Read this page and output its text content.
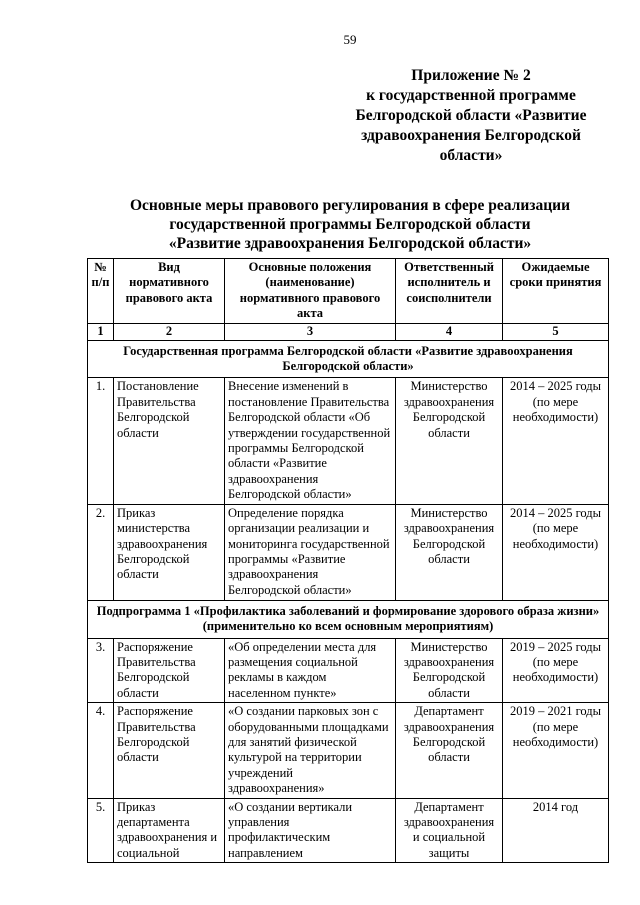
59
Приложение № 2
к государственной программе
Белгородской области «Развитие
здравоохранения Белгородской
области»
Основные меры правового регулирования в сфере реализации
государственной программы Белгородской области
«Развитие здравоохранения Белгородской области»
№ п/п	Вид нормативного правового акта	Основные положения (наименование) нормативного правового акта	Ответственный исполнитель и соисполнители	Ожидаемые сроки принятия
1	2	3	4	5
Государственная программа Белгородской области «Развитие здравоохранения Белгородской области»				
1.	Постановление Правительства Белгородской области	Внесение изменений в постановление Правительства Белгородской области «Об утверждении государственной программы Белгородской области «Развитие здравоохранения Белгородской области»	Министерство здравоохранения Белгородской области	2014 – 2025 годы (по мере необходимости)
2.	Приказ министерства здравоохранения Белгородской области	Определение порядка организации реализации и мониторинга государственной программы «Развитие здравоохранения Белгородской области»	Министерство здравоохранения Белгородской области	2014 – 2025 годы (по мере необходимости)
Подпрограмма 1 «Профилактика заболеваний и формирование здорового образа жизни» (применительно ко всем основным мероприятиям)				
3.	Распоряжение Правительства Белгородской области	«Об определении места для размещения социальной рекламы в каждом населенном пункте»	Министерство здравоохранения Белгородской области	2019 – 2025 годы (по мере необходимости)
4.	Распоряжение Правительства Белгородской области	«О создании парковых зон с оборудованными площадками для занятий физической культурой на территории учреждений здравоохранения»	Департамент здравоохранения Белгородской области	2019 – 2021 годы (по мере необходимости)
5.	Приказ департамента здравоохранения и социальной	«О создании вертикали управления профилактическим направлением	Департамент здравоохранения и социальной защиты	2014 год
